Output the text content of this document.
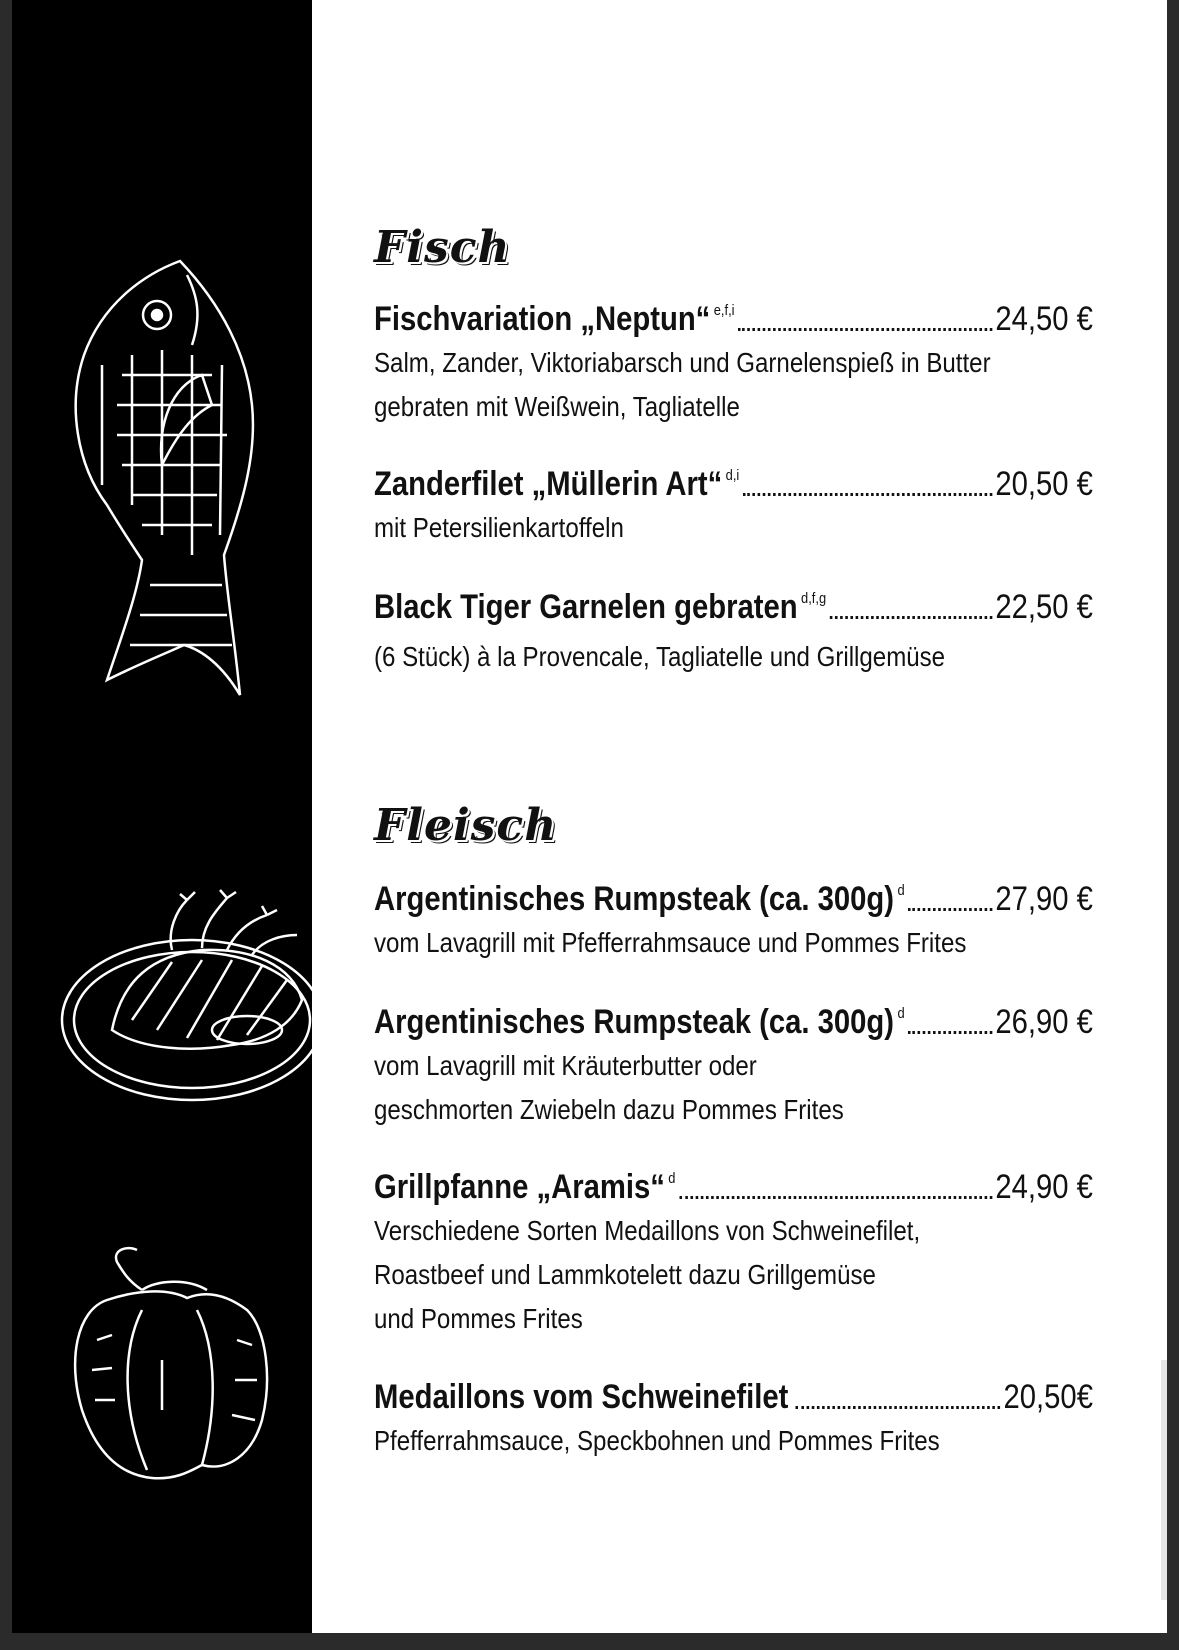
Fisch
Fischvariation „Neptun“ e,f,i	24,50 €
Salm, Zander, Viktoriabarsch und Garnelenspieß in Butter
gebraten mit Weißwein, Tagliatelle
Zanderfilet „Müllerin Art“ d,i	20,50 €
mit Petersilienkartoffeln
Black Tiger Garnelen gebraten d,f,g	22,50 €
(6 Stück) à la Provencale, Tagliatelle und Grillgemüse
Fleisch
Argentinisches Rumpsteak (ca. 300g) d	27,90 €
vom Lavagrill mit Pfefferrahmsauce und Pommes Frites
Argentinisches Rumpsteak (ca. 300g) d	26,90 €
vom Lavagrill mit Kräuterbutter oder
geschmorten Zwiebeln dazu Pommes Frites
Grillpfanne „Aramis“ d	24,90 €
Verschiedene Sorten Medaillons von Schweinefilet,
Roastbeef und Lammkotelett dazu Grillgemüse
und Pommes Frites
Medaillons vom Schweinefilet	20,50€
Pfefferrahmsauce, Speckbohnen und Pommes Frites
